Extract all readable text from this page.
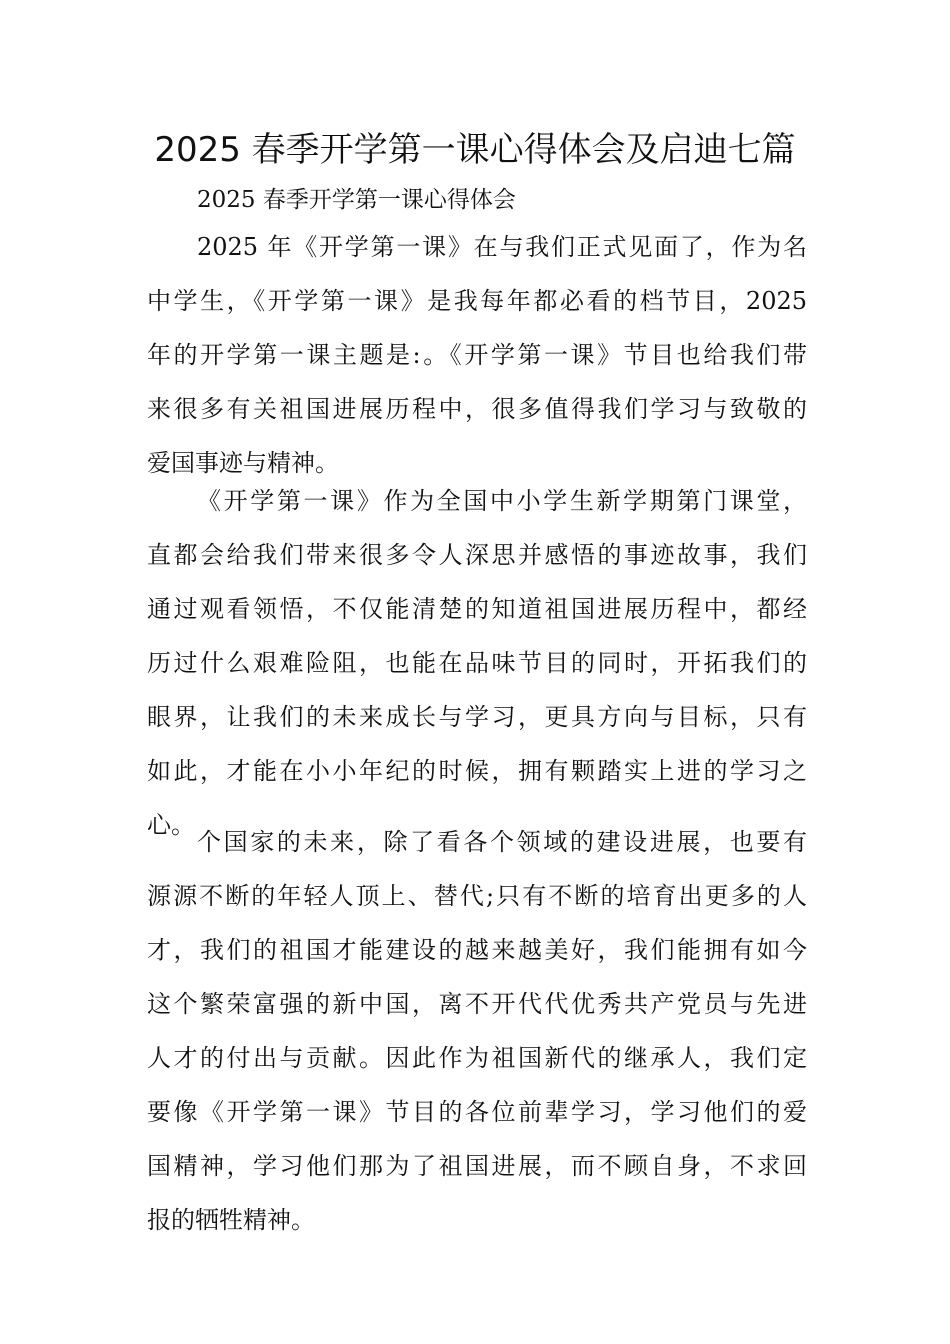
2025 春季开学第一课心得体会及启迪七篇

2025 春季开学第一课心得体会

2025 年《开学第一课》在与我们正式见面了，作为名
中学生，《开学第一课》是我每年都必看的档节目，2025
年的开学第一课主题是:。《开学第一课》节目也给我们带
来很多有关祖国进展历程中，很多值得我们学习与致敬的
爱国事迹与精神。
《开学第一课》作为全国中小学生新学期第门课堂，
直都会给我们带来很多令人深思并感悟的事迹故事，我们
通过观看领悟，不仅能清楚的知道祖国进展历程中，都经
历过什么艰难险阻，也能在品味节目的同时，开拓我们的
眼界，让我们的未来成长与学习，更具方向与目标，只有
如此，才能在小小年纪的时候，拥有颗踏实上进的学习之
心。
个国家的未来，除了看各个领域的建设进展，也要有
源源不断的年轻人顶上、替代;只有不断的培育出更多的人
才，我们的祖国才能建设的越来越美好，我们能拥有如今
这个繁荣富强的新中国，离不开代代优秀共产党员与先进
人才的付出与贡献。因此作为祖国新代的继承人，我们定
要像《开学第一课》节目的各位前辈学习，学习他们的爱
国精神，学习他们那为了祖国进展，而不顾自身，不求回
报的牺牲精神。
